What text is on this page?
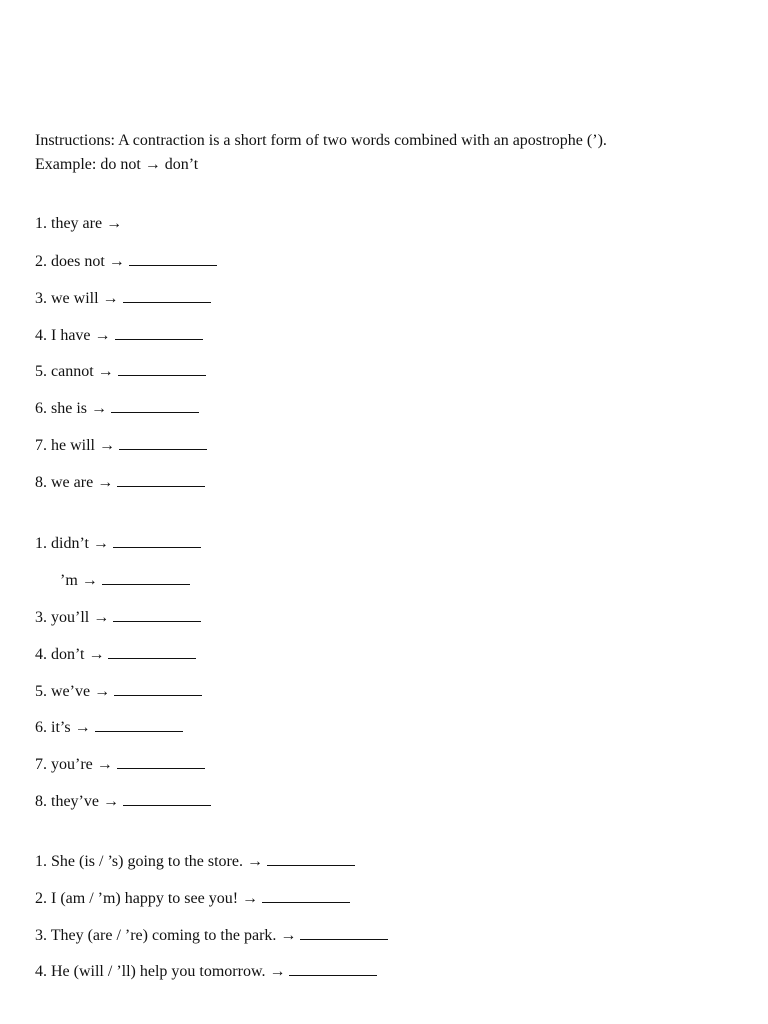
Instructions: A contraction is a short form of two words combined with an apostrophe (’).
Example: do not → don’t
1. they are →
2. does not →
3. we will →
4. I have →
5. cannot →
6. she is →
7. he will →
8. we are →
1. didn’t →
’m →
3. you’ll →
4. don’t →
5. we’ve →
6. it’s →
7. you’re →
8. they’ve →
1. She (is / ’s) going to the store. →
2. I (am / ’m) happy to see you! →
3. They (are / ’re) coming to the park. →
4. He (will / ’ll) help you tomorrow. →
